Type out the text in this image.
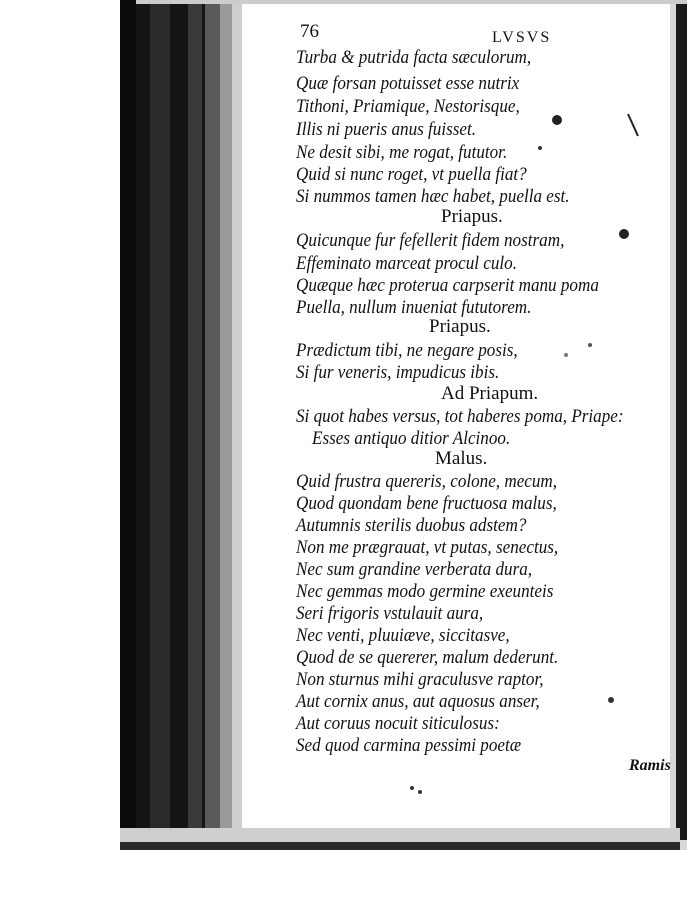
76	LVSVS
Turba & putrida facta sæculorum,
Quæ forsan potuisset esse nutrix
Tithoni, Priamique, Nestorisque,
Illis ni pueris anus fuisset.
Ne desit sibi, me rogat, fututor.
Quid si nunc roget, vt puella fiat?
Si nummos tamen hæc habet, puella est.
Priapus.
Quicunque fur fefellerit fidem nostram,
Effeminato marceat procul culo.
Quæque hæc proterua carpserit manu poma
Puella, nullum inueniat fututorem.
Priapus.
Prædictum tibi, ne negare posis,
Si fur veneris, impudicus ibis.
Ad Priapum.
Si quot habes versus, tot haberes poma, Priape:
Esses antiquo ditior Alcinoo.
Malus.
Quid frustra quereris, colone, mecum,
Quod quondam bene fructuosa malus,
Autumnis sterilis duobus adstem?
Non me prægrauat, vt putas, senectus,
Nec sum grandine verberata dura,
Nec gemmas modo germine exeunteis
Seri frigoris vstulauit aura,
Nec venti, pluuiæve, siccitasve,
Quod de se quererer, malum dederunt.
Non sturnus mihi graculusve raptor,
Aut cornix anus, aut aquosus anser,
Aut coruus nocuit siticulosus:
Sed quod carmina pessimi poetæ
Ramis
